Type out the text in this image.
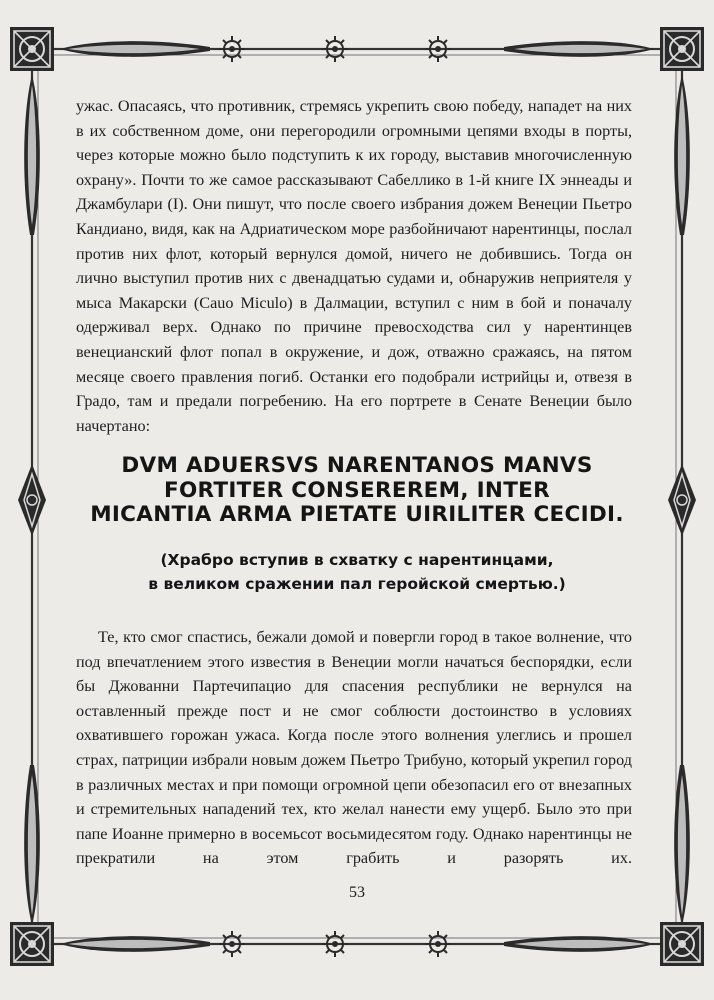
ужас. Опасаясь, что противник, стремясь укрепить свою победу, нападет на них в их собственном доме, они перегородили огромными цепями входы в порты, через которые можно было подступить к их городу, выставив многочисленную охрану». Почти то же самое рассказывают Сабеллико в 1-й книге IX эннеады и Джамбулари (I). Они пишут, что после своего избрания дожем Венеции Пьетро Кандиано, видя, как на Адриатическом море разбойничают нарентинцы, послал против них флот, который вернулся домой, ничего не добившись. Тогда он лично выступил против них с двенадцатью судами и, обнаружив неприятеля у мыса Макарски (Cauo Miculo) в Далмации, вступил с ним в бой и поначалу одерживал верх. Однако по причине превосходства сил у нарентинцев венецианский флот попал в окружение, и дож, отважно сражаясь, на пятом месяце своего правления погиб. Останки его подобрали истрийцы и, отвезя в Градо, там и предали погребению. На его портрете в Сенате Венеции было начертано:

DVM ADUERSVS NARENTANOS MANVS
FORTITER CONSEREREM, INTER
MICANTIA ARMA PIETATE UIRILITER CECIDI.
(Храбро вступив в схватку с нарентинцами,
в великом сражении пал геройской смертью.)

Те, кто смог спастись, бежали домой и повергли город в такое волнение, что под впечатлением этого известия в Венеции могли начаться беспорядки, если бы Джованни Партечипацио для спасения республики не вернулся на оставленный прежде пост и не смог соблюсти достоинство в условиях охватившего горожан ужаса. Когда после этого волнения улеглись и прошел страх, патриции избрали новым дожем Пьетро Трибуно, который укрепил город в различных местах и при помощи огромной цепи обезопасил его от внезапных и стремительных нападений тех, кто желал нанести ему ущерб. Было это при папе Иоанне примерно в восемьсот восьмидесятом году. Однако нарентинцы не прекратили на этом грабить и разорять их.

53
